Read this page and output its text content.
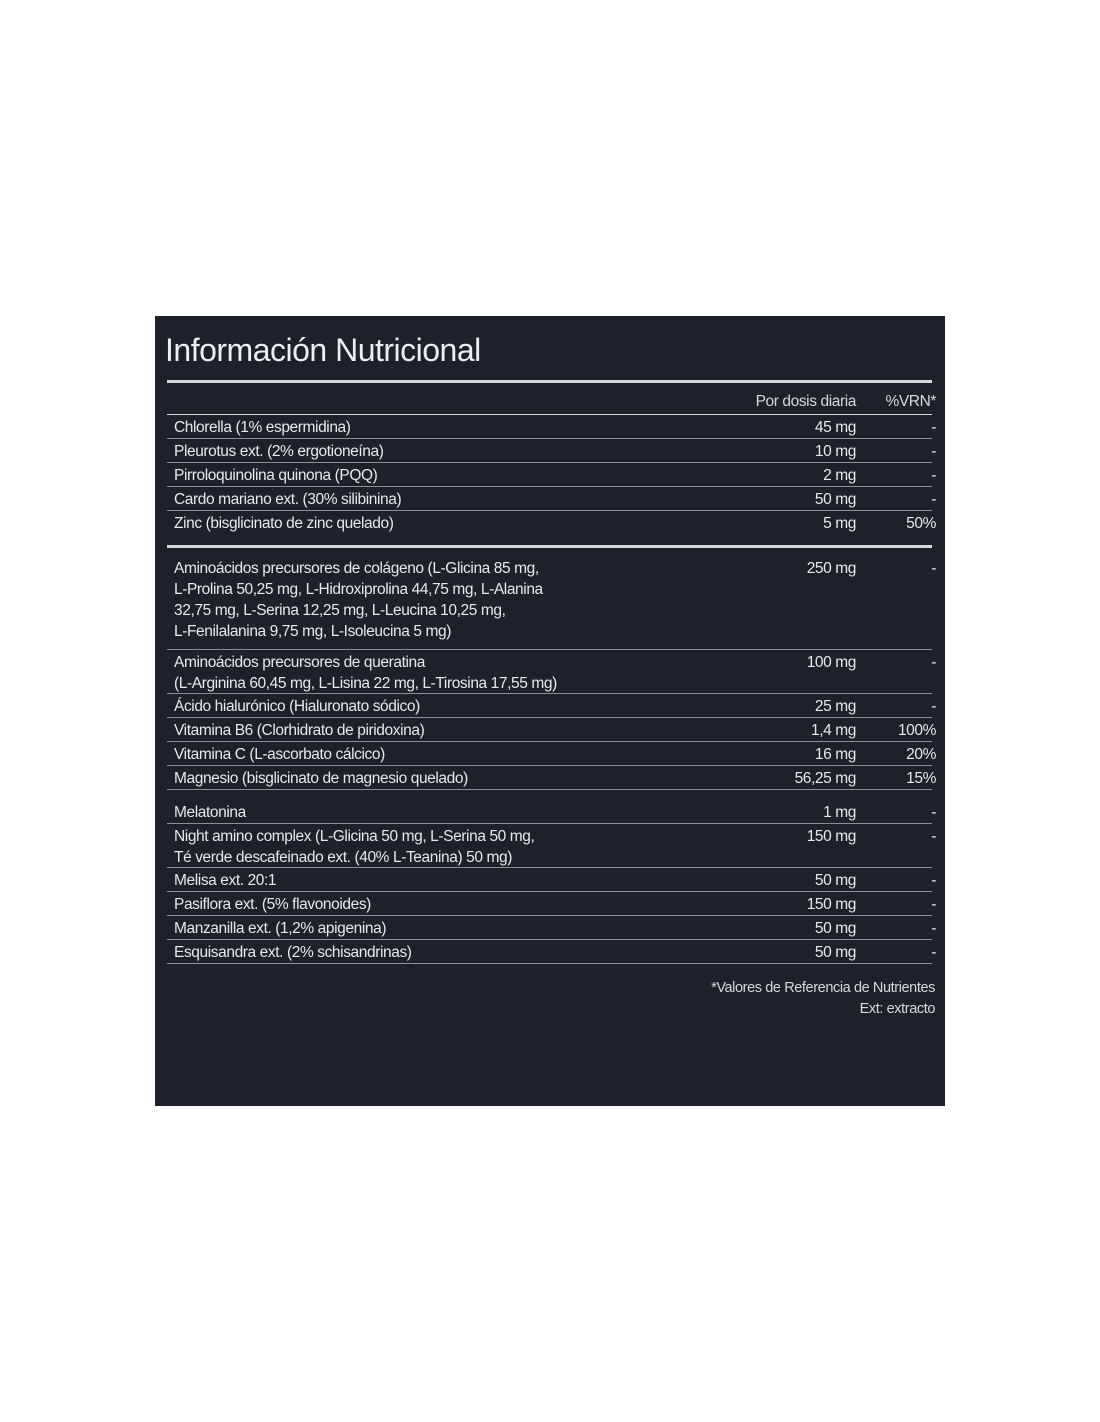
Información Nutricional
Por dosis diaria	%VRN*
Chlorella (1% espermidina)	45 mg	-
Pleurotus ext. (2% ergotioneína)	10 mg	-
Pirroloquinolina quinona (PQQ)	2 mg	-
Cardo mariano ext. (30% silibinina)	50 mg	-
Zinc (bisglicinato de zinc quelado)	5 mg	50%
Aminoácidos precursores de colágeno (L-Glicina 85 mg,
L-Prolina 50,25 mg, L-Hidroxiprolina 44,75 mg, L-Alanina
32,75 mg, L-Serina 12,25 mg, L-Leucina 10,25 mg,
L-Fenilalanina 9,75 mg, L-Isoleucina 5 mg)
250 mg	-
Aminoácidos precursores de queratina
(L-Arginina 60,45 mg, L-Lisina 22 mg, L-Tirosina 17,55 mg)
100 mg	-
Ácido hialurónico (Hialuronato sódico)	25 mg	-
Vitamina B6 (Clorhidrato de piridoxina)	1,4 mg	100%
Vitamina C (L-ascorbato cálcico)	16 mg	20%
Magnesio (bisglicinato de magnesio quelado)	56,25 mg	15%
Melatonina	1 mg	-
Night amino complex (L-Glicina 50 mg, L-Serina 50 mg,
Té verde descafeinado ext. (40% L-Teanina) 50 mg)
150 mg	-
Melisa ext. 20:1	50 mg	-
Pasiflora ext. (5% flavonoides)	150 mg	-
Manzanilla ext. (1,2% apigenina)	50 mg	-
Esquisandra ext. (2% schisandrinas)	50 mg	-
*Valores de Referencia de Nutrientes
Ext: extracto
